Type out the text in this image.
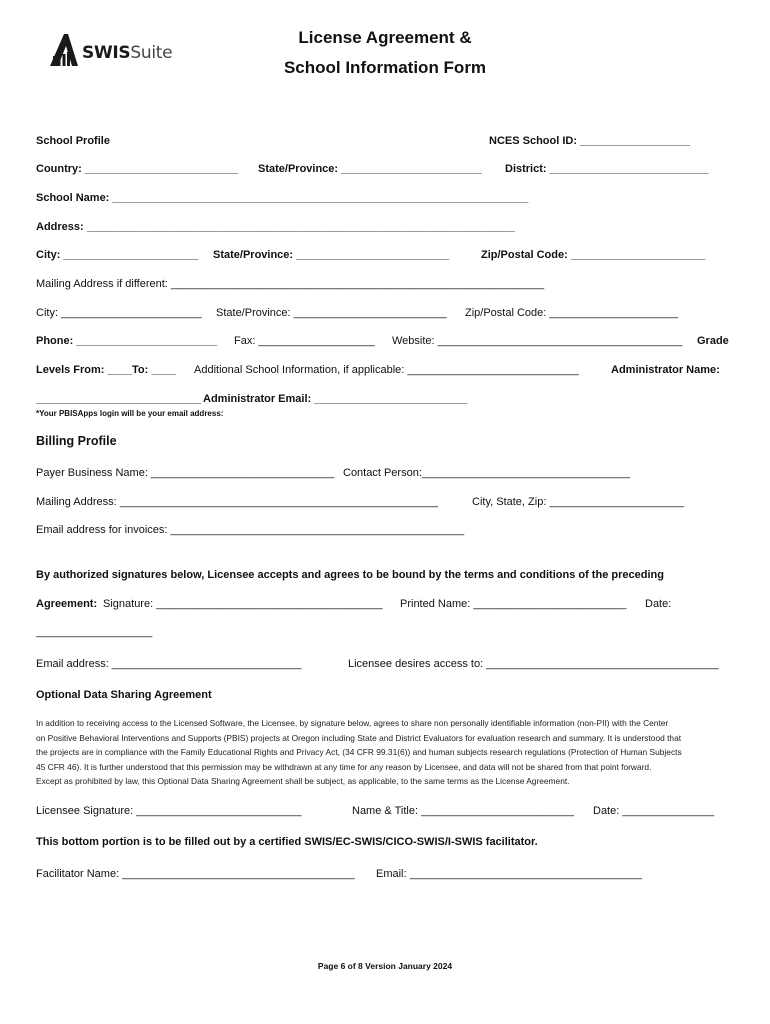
SWISSuite
License Agreement &
School Information Form
School Profile	NCES School ID: __________________
Country: _________________________ State/Province: _______________________ District: __________________________
School Name: ____________________________________________________________________
Address: ______________________________________________________________________
City: ______________________ State/Province: _________________________	Zip/Postal Code: ______________________
Mailing Address if different: _____________________________________________________________
City: _______________________ State/Province: _________________________ Zip/Postal Code: _____________________
Phone: _______________________ Fax: ___________________ Website: ________________________________________ Grade
Levels From: ____ To: ____ Additional School Information, if applicable: ____________________________	Administrator Name:
___________________________ Administrator Email: _________________________
*Your PBISApps login will be your email address:
Billing Profile
Payer Business Name: ______________________________ Contact Person:__________________________________
Mailing Address: ____________________________________________________	City, State, Zip: ______________________
Email address for invoices: ________________________________________________
By authorized signatures below, Licensee accepts and agrees to be bound by the terms and conditions of the preceding
Agreement: Signature: _____________________________________ Printed Name: _________________________ Date:
___________________
Email address: _______________________________	Licensee desires access to: ______________________________________
Optional Data Sharing Agreement
In addition to receiving access to the Licensed Software, the Licensee, by signature below, agrees to share non personally identifiable information (non-PII) with the Center
on Positive Behavioral Interventions and Supports (PBIS) projects at Oregon including State and District Evaluators for evaluation research and summary. It is understood that
the projects are in compliance with the Family Educational Rights and Privacy Act, (34 CFR 99.31(6)) and human subjects research regulations (Protection of Human Subjects
45 CFR 46). It is further understood that this permission may be withdrawn at any time for any reason by Licensee, and data will not be shared from that point forward.
Except as prohibited by law, this Optional Data Sharing Agreement shall be subject, as applicable, to the same terms as the License Agreement.
Licensee Signature: ___________________________	Name & Title: _________________________ Date: _______________
This bottom portion is to be filled out by a certified SWIS/EC-SWIS/CICO-SWIS/I-SWIS facilitator.
Facilitator Name: ______________________________________ Email: ______________________________________
Page 6 of 8 Version January 2024
